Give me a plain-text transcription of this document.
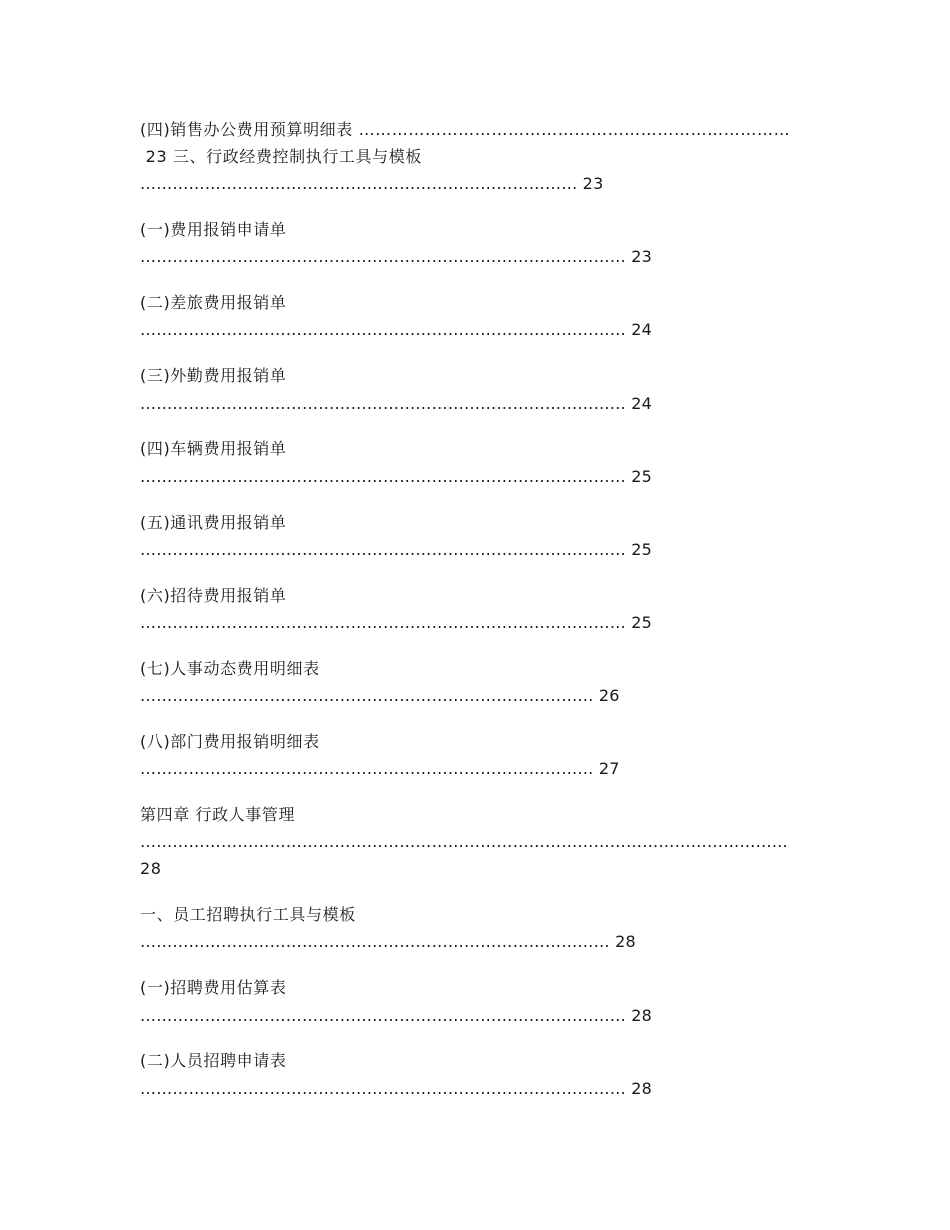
(四)销售办公费用预算明细表 ……………………………………………………………………
23 三、行政经费控制执行工具与模板
……………………………………………………………………… 23
(一)费用报销申请单
……………………………………………………………………………… 23
(二)差旅费用报销单
……………………………………………………………………………… 24
(三)外勤费用报销单
……………………………………………………………………………… 24
(四)车辆费用报销单
……………………………………………………………………………… 25
(五)通讯费用报销单
……………………………………………………………………………… 25
(六)招待费用报销单
……………………………………………………………………………… 25
(七)人事动态费用明细表
………………………………………………………………………… 26
(八)部门费用报销明细表
………………………………………………………………………… 27
第四章 行政人事管理
…………………………………………………………………………………………………………
28
一、员工招聘执行工具与模板
…………………………………………………………………………… 28
(一)招聘费用估算表
……………………………………………………………………………… 28
(二)人员招聘申请表
……………………………………………………………………………… 28
